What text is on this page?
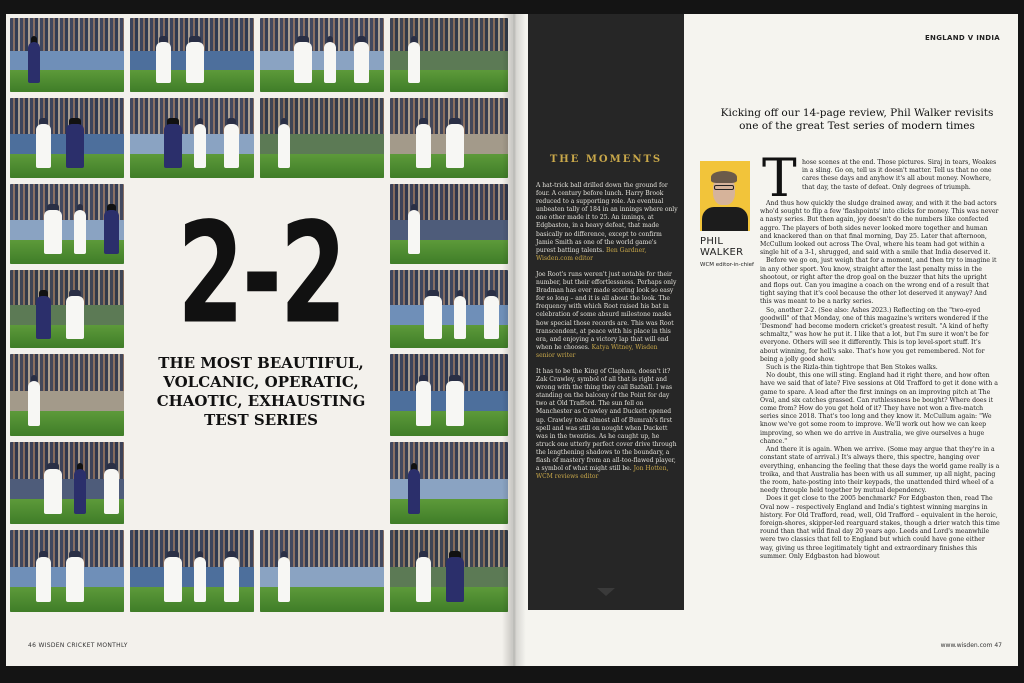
2-2
THE MOST BEAUTIFUL, VOLCANIC, OPERATIC, CHAOTIC, EXHAUSTING TEST SERIES
46 WISDEN CRICKET MONTHLY
THE MOMENTS

A hat-trick ball drilled down the ground for four. A century before lunch. Harry Brook reduced to a supporting role. An eventual unbeaten tally of 184 in an innings where only one other made it to 25. An innings, at Edgbaston, in a heavy defeat, that made basically no difference, except to confirm Jamie Smith as one of the world game's purest batting talents. Ben Gardner, Wisden.com editor

Joe Root's runs weren't just notable for their number, but their effortlessness. Perhaps only Bradman has ever made scoring look so easy for so long – and it is all about the look. The frequency with which Root raised his bat in celebration of some absurd milestone masks how special those records are. This was Root transcendent, at peace with his place in this era, and enjoying a victory lap that will end when he chooses. Katya Witney, Wisden senior writer

It has to be the King of Clapham, doesn't it? Zak Crawley, symbol of all that is right and wrong with the thing they call Bazball. I was standing on the balcony of the Point for day two at Old Trafford. The sun fell on Manchester as Crawley and Duckett opened up. Crawley took almost all of Bumrah's first spell and was still on nought when Duckett was in the twenties. As he caught up, he struck one utterly perfect cover drive through the lengthening shadows to the boundary, a flash of mastery from an all-too-flawed player, a symbol of what might still be. Jon Hotten, WCM reviews editor

ENGLAND V INDIA
Kicking off our 14-page review, Phil Walker revisits one of the great Test series of modern times
PHIL
WALKER
WCM editor-in-chief
T hose scenes at the end. Those pictures. Siraj in tears, Woakes in a sling. Go on, tell us it doesn't matter. Tell us that no one cares these days and anyhow it's all about money. Nowhere, that day, the taste of defeat. Only degrees of triumph.

And thus how quickly the sludge drained away, and with it the bad actors who'd sought to flip a few 'flashpoints' into clicks for money. This was never a nasty series. But then again, joy doesn't do the numbers like confected aggro. The players of both sides never looked more together and human and knackered than on that final morning, Day 25. Later that afternoon, McCullum looked out across The Oval, where his team had got within a single hit of a 3-1, shrugged, and said with a smile that India deserved it.

Before we go on, just weigh that for a moment, and then try to imagine it in any other sport. You know, straight after the last penalty miss in the shootout, or right after the drop goal on the buzzer that hits the upright and flops out. Can you imagine a coach on the wrong end of a result that tight saying that it's cool because the other lot deserved it anyway? And this was meant to be a narky series.

So, another 2-2. (See also: Ashes 2023.) Reflecting on the "two-eyed goodwill" of that Monday, one of this magazine's writers wondered if the 'Desmond' had become modern cricket's greatest result. "A kind of hefty schmaltz," was how he put it. I like that a lot, but I'm sure it won't be for everyone. Others will see it differently. This is top level-sport stuff. It's about winning, for hell's sake. That's how you get remembered. Not for being a jolly good show.

Such is the Rizla-thin tightrope that Ben Stokes walks.

No doubt, this one will sting. England had it right there, and how often have we said that of late? Five sessions at Old Trafford to get it done with a game to spare. A lead after the first innings on an improving pitch at The Oval, and six catches grassed. Can ruthlessness be bought? Where does it come from? How do you get hold of it? They have not won a five-match series since 2018. That's too long and they know it. McCullum again: "We know we've got some room to improve. We'll work out how we can keep improving, so when we do arrive in Australia, we give ourselves a huge chance."

And there it is again. When we arrive. (Some may argue that they're in a constant state of arrival.) It's always there, this spectre, hanging over everything, enhancing the feeling that these days the world game really is a troika, and that Australia has been with us all summer, up all night, pacing the room, hate-posting into their keypads, the unattended third wheel of a needy throuple held together by mutual dependency.

Does it get close to the 2005 benchmark? For Edgbaston then, read The Oval now – respectively England and India's tightest winning margins in history. For Old Trafford, read, well, Old Trafford – equivalent in the heroic, foreign-shores, skipper-led rearguard stakes, though a drier watch this time round than that wild final day 20 years ago. Leeds and Lord's meanwhile were two classics that fell to England but which could have gone either way, giving us three legitimately tight and extraordinary finishes this summer. Only Edgbaston had blowout

www.wisden.com 47
